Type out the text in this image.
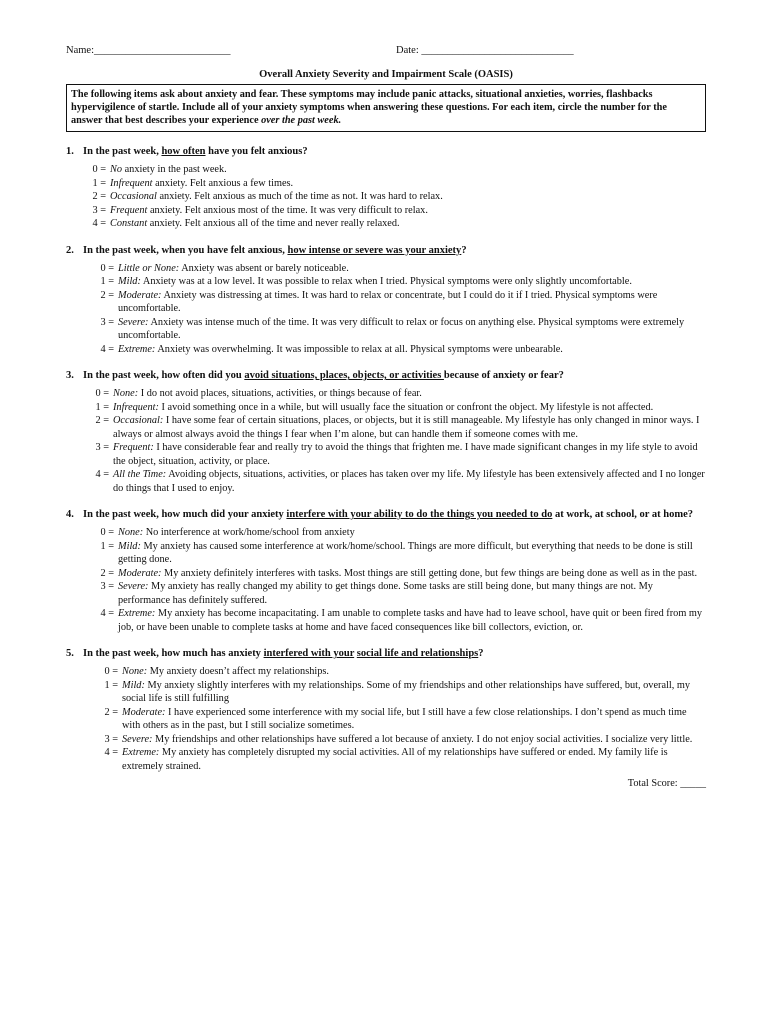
Name:__________________________	Date: _____________________________
Overall Anxiety Severity and Impairment Scale (OASIS)
The following items ask about anxiety and fear. These symptoms may include panic attacks, situational anxieties, worries, flashbacks hypervigilence of startle. Include all of your anxiety symptoms when answering these questions. For each item, circle the number for the answer that best describes your experience over the past week.
1. In the past week, how often have you felt anxious?
0 = No anxiety in the past week.
1 = Infrequent anxiety. Felt anxious a few times.
2 = Occasional anxiety. Felt anxious as much of the time as not. It was hard to relax.
3 = Frequent anxiety. Felt anxious most of the time. It was very difficult to relax.
4 = Constant anxiety. Felt anxious all of the time and never really relaxed.
2. In the past week, when you have felt anxious, how intense or severe was your anxiety?
0 = Little or None: Anxiety was absent or barely noticeable.
1 = Mild: Anxiety was at a low level. It was possible to relax when I tried. Physical symptoms were only slightly uncomfortable.
2 = Moderate: Anxiety was distressing at times. It was hard to relax or concentrate, but I could do it if I tried. Physical symptoms were uncomfortable.
3 = Severe: Anxiety was intense much of the time. It was very difficult to relax or focus on anything else. Physical symptoms were extremely uncomfortable.
4 = Extreme: Anxiety was overwhelming. It was impossible to relax at all. Physical symptoms were unbearable.
3. In the past week, how often did you avoid situations, places, objects, or activities because of anxiety or fear?
0 = None: I do not avoid places, situations, activities, or things because of fear.
1 = Infrequent: I avoid something once in a while, but will usually face the situation or confront the object. My lifestyle is not affected.
2 = Occasional: I have some fear of certain situations, places, or objects, but it is still manageable. My lifestyle has only changed in minor ways. I always or almost always avoid the things I fear when I’m alone, but can handle them if someone comes with me.
3 = Frequent: I have considerable fear and really try to avoid the things that frighten me. I have made significant changes in my life style to avoid the object, situation, activity, or place.
4 = All the Time: Avoiding objects, situations, activities, or places has taken over my life. My lifestyle has been extensively affected and I no longer do things that I used to enjoy.
4. In the past week, how much did your anxiety interfere with your ability to do the things you needed to do at work, at school, or at home?
0 = None: No interference at work/home/school from anxiety
1 = Mild: My anxiety has caused some interference at work/home/school. Things are more difficult, but everything that needs to be done is still getting done.
2 = Moderate: My anxiety definitely interferes with tasks. Most things are still getting done, but few things are being done as well as in the past.
3 = Severe: My anxiety has really changed my ability to get things done. Some tasks are still being done, but many things are not. My performance has definitely suffered.
4 = Extreme: My anxiety has become incapacitating. I am unable to complete tasks and have had to leave school, have quit or been fired from my job, or have been unable to complete tasks at home and have faced consequences like bill collectors, eviction, or.
5. In the past week, how much has anxiety interfered with your social life and relationships?
0 = None: My anxiety doesn’t affect my relationships.
1 = Mild: My anxiety slightly interferes with my relationships. Some of my friendships and other relationships have suffered, but, overall, my social life is still fulfilling
2 = Moderate: I have experienced some interference with my social life, but I still have a few close relationships. I don’t spend as much time with others as in the past, but I still socialize sometimes.
3 = Severe: My friendships and other relationships have suffered a lot because of anxiety. I do not enjoy social activities. I socialize very little.
4 = Extreme: My anxiety has completely disrupted my social activities. All of my relationships have suffered or ended. My family life is extremely strained.
Total Score: _____
